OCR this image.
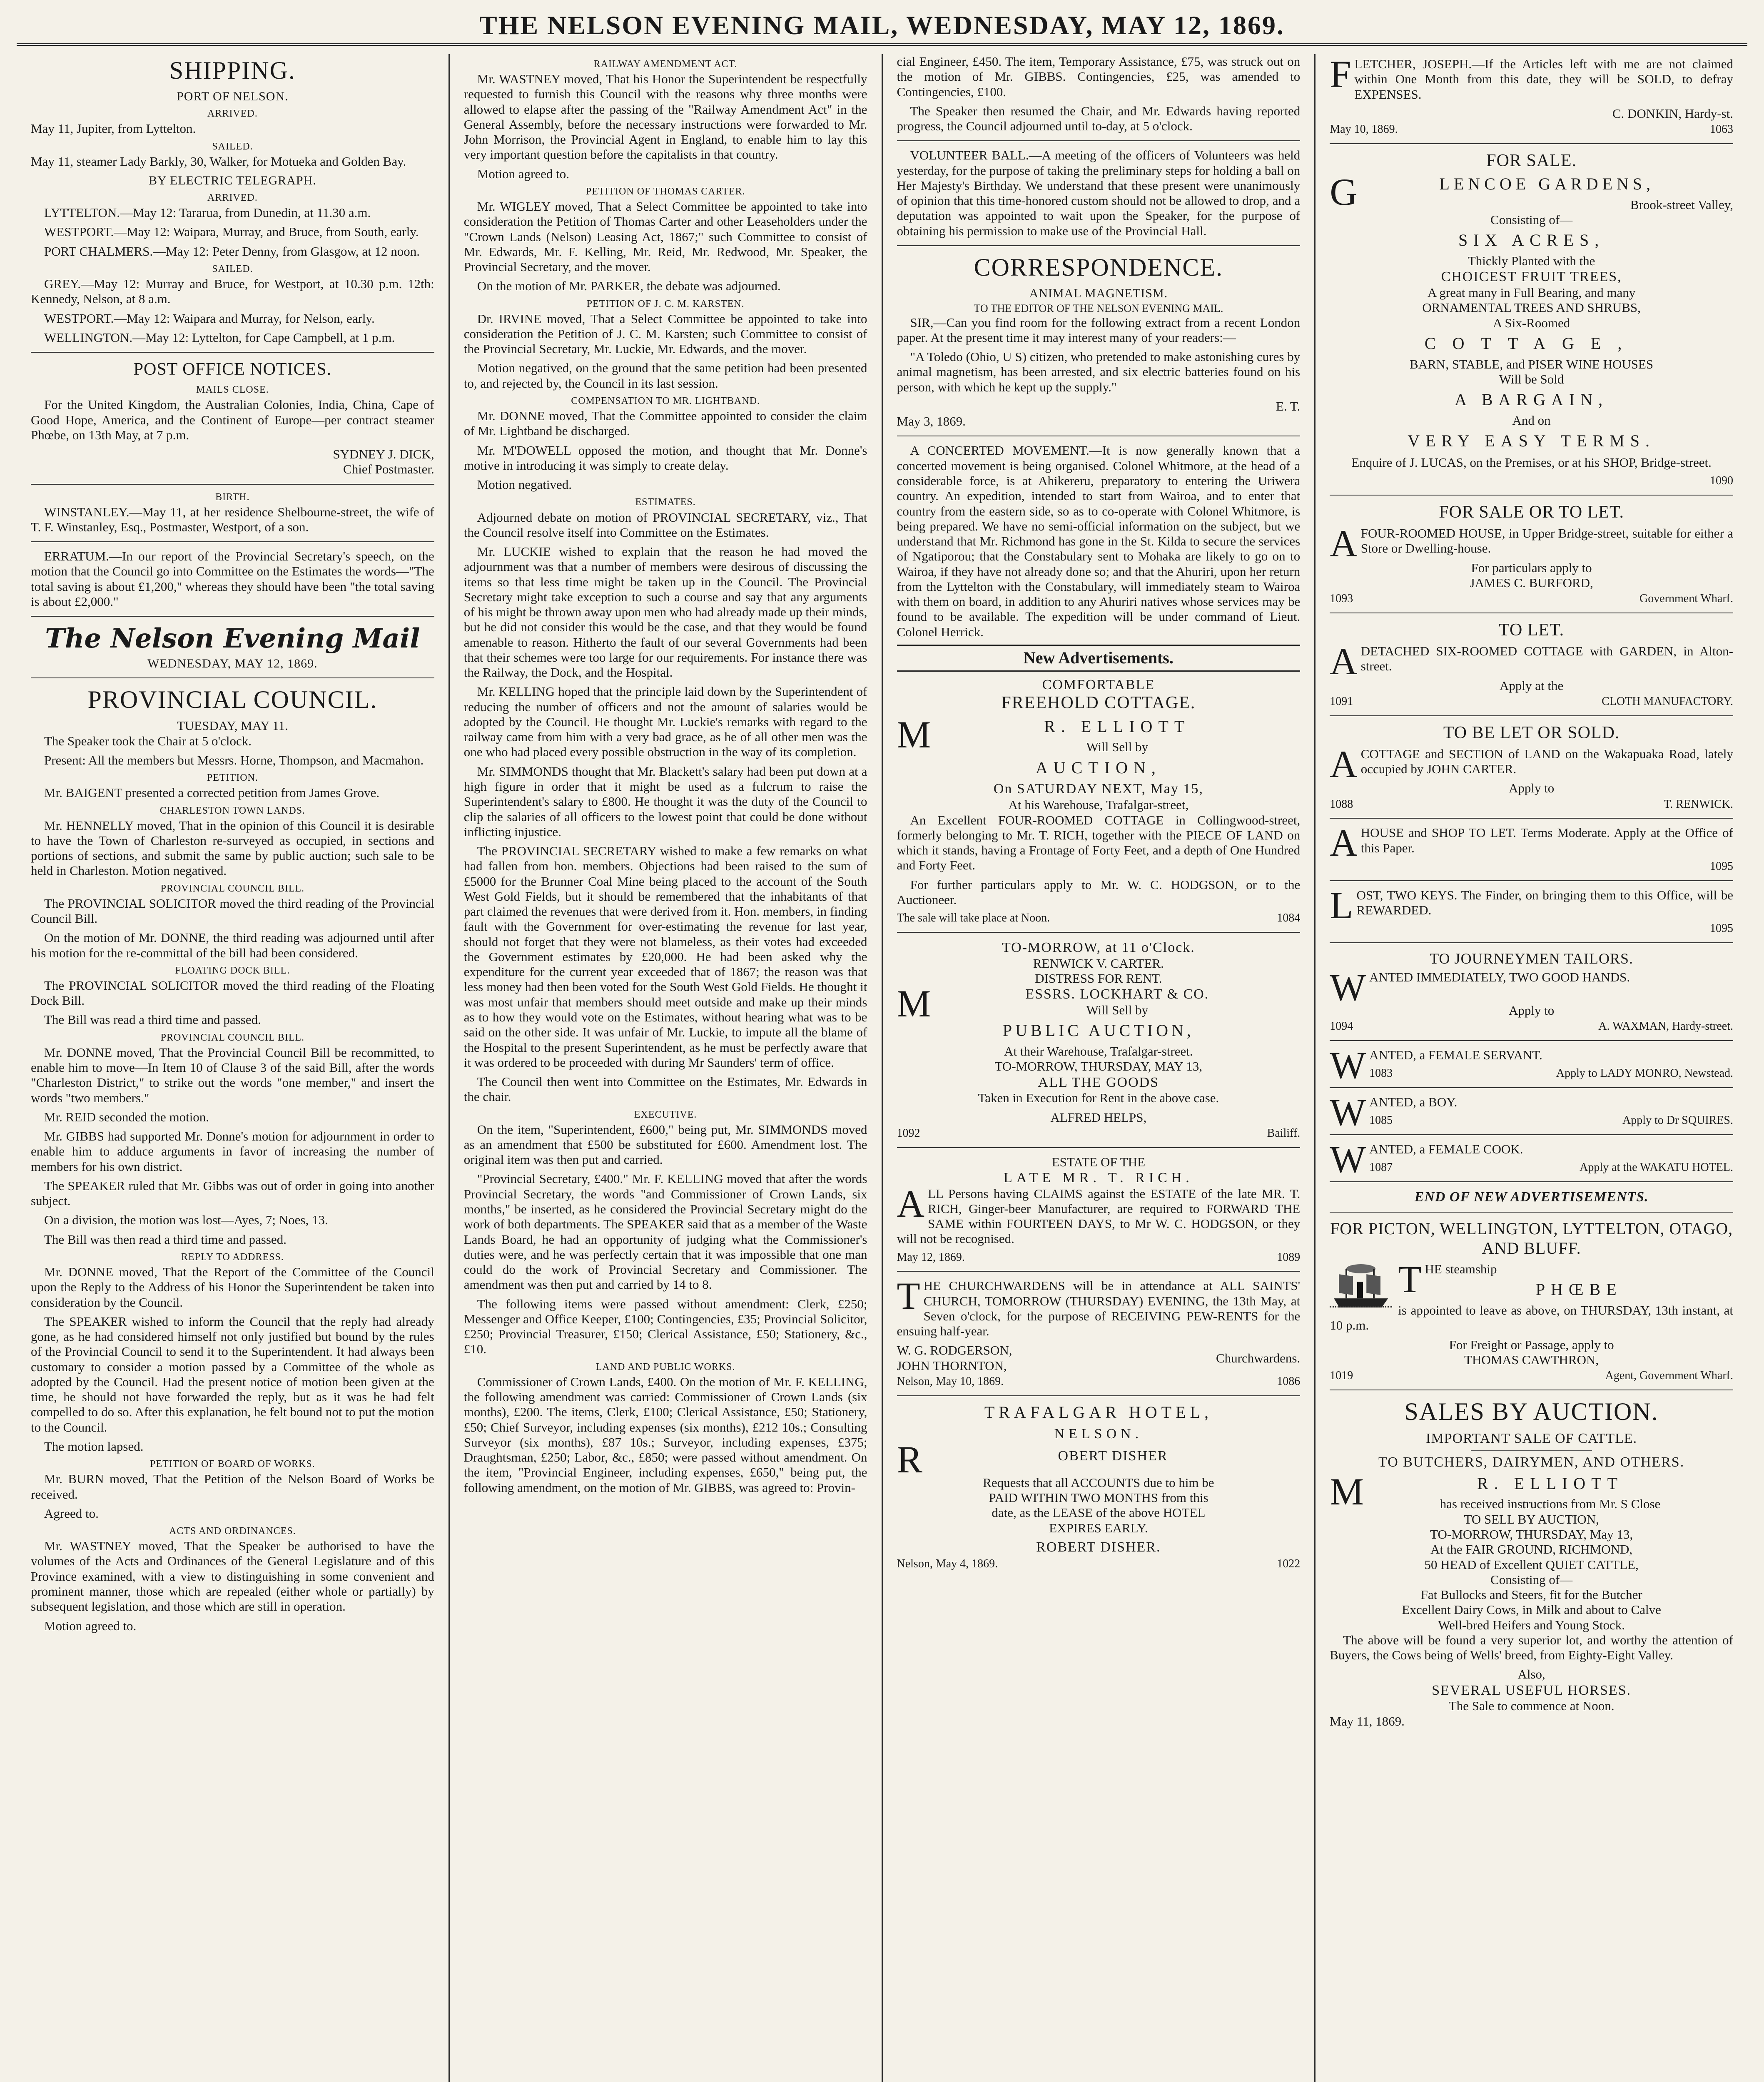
THE NELSON EVENING MAIL, WEDNESDAY, MAY 12, 1869.
SHIPPING.
PORT OF NELSON.
ARRIVED.

May 11, Jupiter, from Lyttelton.

SAILED.

May 11, steamer Lady Barkly, 30, Walker, for Motueka and Golden Bay.

BY ELECTRIC TELEGRAPH.
ARRIVED.

LYTTELTON.—May 12: Tararua, from Dunedin, at 11.30 a.m.

WESTPORT.—May 12: Waipara, Murray, and Bruce, from South, early.

PORT CHALMERS.—May 12: Peter Denny, from Glasgow, at 12 noon.

SAILED.

GREY.—May 12: Murray and Bruce, for Westport, at 10.30 p.m. 12th: Kennedy, Nelson, at 8 a.m.

WESTPORT.—May 12: Waipara and Murray, for Nelson, early.

WELLINGTON.—May 12: Lyttelton, for Cape Campbell, at 1 p.m.

POST OFFICE NOTICES.
MAILS CLOSE.

For the United Kingdom, the Australian Colonies, India, China, Cape of Good Hope, America, and the Continent of Europe—per contract steamer Phœbe, on 13th May, at 7 p.m.

SYDNEY J. DICK,
Chief Postmaster.
BIRTH.

WINSTANLEY.—May 11, at her residence Shelbourne-street, the wife of T. F. Winstanley, Esq., Postmaster, Westport, of a son.

ERRATUM.—In our report of the Provincial Secretary's speech, on the motion that the Council go into Committee on the Estimates the words—"The total saving is about £1,200," whereas they should have been "the total saving is about £2,000."

The Nelson Evening Mail
WEDNESDAY, MAY 12, 1869.
PROVINCIAL COUNCIL.
TUESDAY, MAY 11.

The Speaker took the Chair at 5 o'clock.

Present: All the members but Messrs. Horne, Thompson, and Macmahon.

PETITION.

Mr. BAIGENT presented a corrected petition from James Grove.

CHARLESTON TOWN LANDS.

Mr. HENNELLY moved, That in the opinion of this Council it is desirable to have the Town of Charleston re-surveyed as occupied, in sections and portions of sections, and submit the same by public auction; such sale to be held in Charleston. Motion negatived.

PROVINCIAL COUNCIL BILL.

The PROVINCIAL SOLICITOR moved the third reading of the Provincial Council Bill.

On the motion of Mr. DONNE, the third reading was adjourned until after his motion for the re-committal of the bill had been considered.

FLOATING DOCK BILL.

The PROVINCIAL SOLICITOR moved the third reading of the Floating Dock Bill.

The Bill was read a third time and passed.

PROVINCIAL COUNCIL BILL.

Mr. DONNE moved, That the Provincial Council Bill be recommitted, to enable him to move—In Item 10 of Clause 3 of the said Bill, after the words "Charleston District," to strike out the words "one member," and insert the words "two members."

Mr. REID seconded the motion.

Mr. GIBBS had supported Mr. Donne's motion for adjournment in order to enable him to adduce arguments in favor of increasing the number of members for his own district.

The SPEAKER ruled that Mr. Gibbs was out of order in going into another subject.

On a division, the motion was lost—Ayes, 7; Noes, 13.

The Bill was then read a third time and passed.

REPLY TO ADDRESS.

Mr. DONNE moved, That the Report of the Committee of the Council upon the Reply to the Address of his Honor the Superintendent be taken into consideration by the Council.

The SPEAKER wished to inform the Council that the reply had already gone, as he had considered himself not only justified but bound by the rules of the Provincial Council to send it to the Superintendent. It had always been customary to consider a motion passed by a Committee of the whole as adopted by the Council. Had the present notice of motion been given at the time, he should not have forwarded the reply, but as it was he had felt compelled to do so. After this explanation, he felt bound not to put the motion to the Council.

The motion lapsed.

PETITION OF BOARD OF WORKS.

Mr. BURN moved, That the Petition of the Nelson Board of Works be received.

Agreed to.

ACTS AND ORDINANCES.

Mr. WASTNEY moved, That the Speaker be authorised to have the volumes of the Acts and Ordinances of the General Legislature and of this Province examined, with a view to distinguishing in some convenient and prominent manner, those which are repealed (either whole or partially) by subsequent legislation, and those which are still in operation.

Motion agreed to.

RAILWAY AMENDMENT ACT.

Mr. WASTNEY moved, That his Honor the Superintendent be respectfully requested to furnish this Council with the reasons why three months were allowed to elapse after the passing of the "Railway Amendment Act" in the General Assembly, before the necessary instructions were forwarded to Mr. John Morrison, the Provincial Agent in England, to enable him to lay this very important question before the capitalists in that country.

Motion agreed to.

PETITION OF THOMAS CARTER.

Mr. WIGLEY moved, That a Select Committee be appointed to take into consideration the Petition of Thomas Carter and other Leaseholders under the "Crown Lands (Nelson) Leasing Act, 1867;" such Committee to consist of Mr. Edwards, Mr. F. Kelling, Mr. Reid, Mr. Redwood, Mr. Speaker, the Provincial Secretary, and the mover.

On the motion of Mr. PARKER, the debate was adjourned.

PETITION OF J. C. M. KARSTEN.

Dr. IRVINE moved, That a Select Committee be appointed to take into consideration the Petition of J. C. M. Karsten; such Committee to consist of the Provincial Secretary, Mr. Luckie, Mr. Edwards, and the mover.

Motion negatived, on the ground that the same petition had been presented to, and rejected by, the Council in its last session.

COMPENSATION TO MR. LIGHTBAND.

Mr. DONNE moved, That the Committee appointed to consider the claim of Mr. Lightband be discharged.

Mr. M'DOWELL opposed the motion, and thought that Mr. Donne's motive in introducing it was simply to create delay.

Motion negatived.

ESTIMATES.

Adjourned debate on motion of PROVINCIAL SECRETARY, viz., That the Council resolve itself into Committee on the Estimates.

Mr. LUCKIE wished to explain that the reason he had moved the adjournment was that a number of members were desirous of discussing the items so that less time might be taken up in the Council. The Provincial Secretary might take exception to such a course and say that any arguments of his might be thrown away upon men who had already made up their minds, but he did not consider this would be the case, and that they would be found amenable to reason. Hitherto the fault of our several Governments had been that their schemes were too large for our requirements. For instance there was the Railway, the Dock, and the Hospital.

Mr. KELLING hoped that the principle laid down by the Superintendent of reducing the number of officers and not the amount of salaries would be adopted by the Council. He thought Mr. Luckie's remarks with regard to the railway came from him with a very bad grace, as he of all other men was the one who had placed every possible obstruction in the way of its completion.

Mr. SIMMONDS thought that Mr. Blackett's salary had been put down at a high figure in order that it might be used as a fulcrum to raise the Superintendent's salary to £800. He thought it was the duty of the Council to clip the salaries of all officers to the lowest point that could be done without inflicting injustice.

The PROVINCIAL SECRETARY wished to make a few remarks on what had fallen from hon. members. Objections had been raised to the sum of £5000 for the Brunner Coal Mine being placed to the account of the South West Gold Fields, but it should be remembered that the inhabitants of that part claimed the revenues that were derived from it. Hon. members, in finding fault with the Government for over-estimating the revenue for last year, should not forget that they were not blameless, as their votes had exceeded the Government estimates by £20,000. He had been asked why the expenditure for the current year exceeded that of 1867; the reason was that less money had then been voted for the South West Gold Fields. He thought it was most unfair that members should meet outside and make up their minds as to how they would vote on the Estimates, without hearing what was to be said on the other side. It was unfair of Mr. Luckie, to impute all the blame of the Hospital to the present Superintendent, as he must be perfectly aware that it was ordered to be proceeded with during Mr Saunders' term of office.

The Council then went into Committee on the Estimates, Mr. Edwards in the chair.

EXECUTIVE.

On the item, "Superintendent, £600," being put, Mr. SIMMONDS moved as an amendment that £500 be substituted for £600. Amendment lost. The original item was then put and carried.

"Provincial Secretary, £400." Mr. F. KELLING moved that after the words Provincial Secretary, the words "and Commissioner of Crown Lands, six months," be inserted, as he considered the Provincial Secretary might do the work of both departments. The SPEAKER said that as a member of the Waste Lands Board, he had an opportunity of judging what the Commissioner's duties were, and he was perfectly certain that it was impossible that one man could do the work of Provincial Secretary and Commissioner. The amendment was then put and carried by 14 to 8.

The following items were passed without amendment: Clerk, £250; Messenger and Office Keeper, £100; Contingencies, £35; Provincial Solicitor, £250; Provincial Treasurer, £150; Clerical Assistance, £50; Stationery, &c., £10.

LAND AND PUBLIC WORKS.

Commissioner of Crown Lands, £400. On the motion of Mr. F. KELLING, the following amendment was carried: Commissioner of Crown Lands (six months), £200. The items, Clerk, £100; Clerical Assistance, £50; Stationery, £50; Chief Surveyor, including expenses (six months), £212 10s.; Consulting Surveyor (six months), £87 10s.; Surveyor, including expenses, £375; Draughtsman, £250; Labor, &c., £850; were passed without amendment. On the item, "Provincial Engineer, including expenses, £650," being put, the following amendment, on the motion of Mr. GIBBS, was agreed to: Provin-

cial Engineer, £450. The item, Temporary Assistance, £75, was struck out on the motion of Mr. GIBBS. Contingencies, £25, was amended to Contingencies, £100.

The Speaker then resumed the Chair, and Mr. Edwards having reported progress, the Council adjourned until to-day, at 5 o'clock.

VOLUNTEER BALL.—A meeting of the officers of Volunteers was held yesterday, for the purpose of taking the preliminary steps for holding a ball on Her Majesty's Birthday. We understand that these present were unanimously of opinion that this time-honored custom should not be allowed to drop, and a deputation was appointed to wait upon the Speaker, for the purpose of obtaining his permission to make use of the Provincial Hall.

CORRESPONDENCE.
ANIMAL MAGNETISM.
TO THE EDITOR OF THE NELSON EVENING MAIL.

SIR,—Can you find room for the following extract from a recent London paper. At the present time it may interest many of your readers:—

"A Toledo (Ohio, U S) citizen, who pretended to make astonishing cures by animal magnetism, has been arrested, and six electric batteries found on his person, with which he kept up the supply."

E. T.
May 3, 1869.

A CONCERTED MOVEMENT.—It is now generally known that a concerted movement is being organised. Colonel Whitmore, at the head of a considerable force, is at Ahikereru, preparatory to entering the Uriwera country. An expedition, intended to start from Wairoa, and to enter that country from the eastern side, so as to co-operate with Colonel Whitmore, is being prepared. We have no semi-official information on the subject, but we understand that Mr. Richmond has gone in the St. Kilda to secure the services of Ngatiporou; that the Constabulary sent to Mohaka are likely to go on to Wairoa, if they have not already done so; and that the Ahuriri, upon her return from the Lyttelton with the Constabulary, will immediately steam to Wairoa with them on board, in addition to any Ahuriri natives whose services may be found to be available. The expedition will be under command of Lieut. Colonel Herrick.

New Advertisements.
COMFORTABLE
FREEHOLD COTTAGE.
M	R. ELLIOTT
Will Sell by
AUCTION,
On SATURDAY NEXT, May 15,
At his Warehouse, Trafalgar-street,

An Excellent FOUR-ROOMED COTTAGE in Collingwood-street, formerly belonging to Mr. T. RICH, together with the PIECE OF LAND on which it stands, having a Frontage of Forty Feet, and a depth of One Hundred and Forty Feet.

For further particulars apply to Mr. W. C. HODGSON, or to the Auctioneer.

The sale will take place at Noon.	1084
TO-MORROW, at 11 o'Clock.
RENWICK V. CARTER.
DISTRESS FOR RENT.
M	ESSRS. LOCKHART & CO.
Will Sell by
PUBLIC AUCTION,
At their Warehouse, Trafalgar-street.
TO-MORROW, THURSDAY, MAY 13,
ALL THE GOODS
Taken in Execution for Rent in the above case.
ALFRED HELPS,
1092	Bailiff.
ESTATE OF THE
LATE MR. T. RICH.

ALL Persons having CLAIMS against the ESTATE of the late MR. T. RICH, Ginger-beer Manufacturer, are required to FORWARD THE SAME within FOURTEEN DAYS, to Mr W. C. HODGSON, or they will not be recognised.

May 12, 1869.	1089

THE CHURCHWARDENS will be in attendance at ALL SAINTS' CHURCH, TOMORROW (THURSDAY) EVENING, the 13th May, at Seven o'clock, for the purpose of RECEIVING PEW-RENTS for the ensuing half-year.

W. G. RODGERSON,
JOHN THORNTON,
Churchwardens.
Nelson, May 10, 1869.	1086
TRAFALGAR HOTEL,
NELSON.
R	OBERT DISHER
Requests that all ACCOUNTS due to him be
PAID WITHIN TWO MONTHS from this
date, as the LEASE of the above HOTEL
EXPIRES EARLY.
ROBERT DISHER.
Nelson, May 4, 1869.	1022

FLETCHER, JOSEPH.—If the Articles left with me are not claimed within One Month from this date, they will be SOLD, to defray EXPENSES.

C. DONKIN, Hardy-st.
May 10, 1869.	1063
FOR SALE.
G	LENCOE GARDENS,
Brook-street Valley,
Consisting of—
SIX ACRES,
Thickly Planted with the
CHOICEST FRUIT TREES,
A great many in Full Bearing, and many
ORNAMENTAL TREES AND SHRUBS,
A Six-Roomed
COTTAGE,
BARN, STABLE, and PISER WINE HOUSES
Will be Sold
A BARGAIN,
And on
VERY EASY TERMS.

Enquire of J. LUCAS, on the Premises, or at his SHOP, Bridge-street.

1090
FOR SALE OR TO LET.

AFOUR-ROOMED HOUSE, in Upper Bridge-street, suitable for either a Store or Dwelling-house.

For particulars apply to
JAMES C. BURFORD,
1093	Government Wharf.
TO LET.

ADETACHED SIX-ROOMED COTTAGE with GARDEN, in Alton-street.

Apply at the
1091	CLOTH MANUFACTORY.
TO BE LET OR SOLD.

ACOTTAGE and SECTION of LAND on the Wakapuaka Road, lately occupied by JOHN CARTER.

Apply to
1088	T. RENWICK.

AHOUSE and SHOP TO LET. Terms Moderate. Apply at the Office of this Paper.

1095

LOST, TWO KEYS. The Finder, on bringing them to this Office, will be REWARDED.

1095
TO JOURNEYMEN TAILORS.

WANTED IMMEDIATELY, TWO GOOD HANDS.

Apply to
1094	A. WAXMAN, Hardy-street.

WANTED, a FEMALE SERVANT.

1083	Apply to LADY MONRO, Newstead.

WANTED, a BOY.

1085	Apply to Dr SQUIRES.

WANTED, a FEMALE COOK.

1087	Apply at the WAKATU HOTEL.
END OF NEW ADVERTISEMENTS.
FOR PICTON, WELLINGTON, LYTTELTON, OTAGO, AND BLUFF.
T HE steamship
PHŒBE

is appointed to leave as above, on THURSDAY, 13th instant, at 10 p.m.

For Freight or Passage, apply to
THOMAS CAWTHRON,
1019	Agent, Government Wharf.
SALES BY AUCTION.
IMPORTANT SALE OF CATTLE.
TO BUTCHERS, DAIRYMEN, AND OTHERS.
M	R. ELLIOTT
has received instructions from Mr. S Close
TO SELL BY AUCTION,
TO-MORROW, THURSDAY, May 13,
At the FAIR GROUND, RICHMOND,
50 HEAD of Excellent QUIET CATTLE,
Consisting of—
Fat Bullocks and Steers, fit for the Butcher
Excellent Dairy Cows, in Milk and about to Calve
Well-bred Heifers and Young Stock.

The above will be found a very superior lot, and worthy the attention of Buyers, the Cows being of Wells' breed, from Eighty-Eight Valley.

Also,
SEVERAL USEFUL HORSES.
The Sale to commence at Noon.
May 11, 1869.
